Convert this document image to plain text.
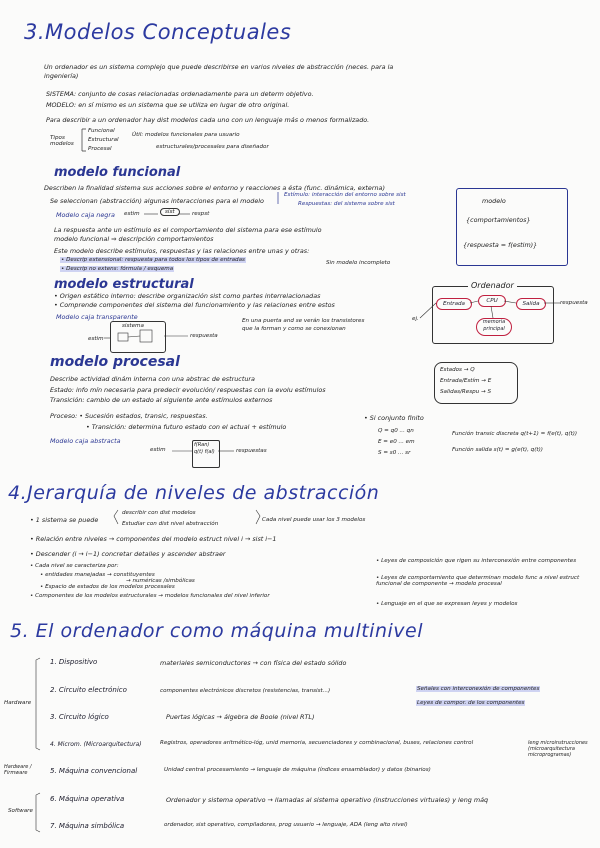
3.Modelos Conceptuales
Un ordenador es un sistema complejo que puede describirse en varios niveles de abstracción (neces. para la
ingeniería)
SISTEMA: conjunto de cosas relacionadas ordenadamente para un determ objetivo.
MODELO: en sí mismo es un sistema que se utiliza en lugar de otro original.
Para describir a un ordenador hay dist modelos cada uno con un lenguaje más o menos formalizado.
Tipos modelos
Funcional
Estructural
Procesal
Útil: modelos funcionales para usuario
estructurales/procesales para diseñador
modelo funcional
Describen la finalidad sistema sus acciones sobre el entorno y reacciones a ésta (func. dinámica, externa)
Se seleccionan (abstracción) algunas interacciones para el modelo
Estímulo: interacción del entorno sobre sist
Respuestas: del sistema sobre sist
Modelo caja negra estim	sist	respst
La respuesta ante un estímulo es el comportamiento del sistema para ese estímulo
modelo funcional ⇒ descripción comportamientos
Este modelo describe estímulos, respuestas y las relaciones entre unas y otras:
• Descrip extensional: respuesta para todos los tipos de entradas	Sin modelo incompleto
• Descrip no extens: fórmula / esquema
modelo
{comportamientos}
{respuesta = f(estim)}
modelo estructural
• Origen estático interno: describe organización sist como partes interrelacionadas
• Comprende componentes del sistema del funcionamiento y las relaciones entre estos
Modelo caja transparente
sistema
estim	respuesta
En una puerta and se verán los transistores
que la forman y como se conexionan
Ordenador
Entrada	CPU	Salida
memoria principal
ej.
respuesta
modelo procesal
Describe actividad dinám interna con una abstrac de estructura
Estado: info mín necesaria para predecir evolución/ respuestas con la evolu estímulos
Transición: cambio de un estado al siguiente ante estímulos externos
Proceso: • Sucesión estados, transic, respuestas.
• Transición: determina futuro estado con el actual + estímulo
Modelo caja abstracta
estim
f(Ran) q(t) f(al)	respuestas
Estados → Q
Entrada/Estím → E
Salidas/Respu → S
• Si conjunto finito
Q = q0 ... qn
E = e0 ... em
S = s0 ... sr
Función transic discreta q(t+1) = f(e(t), q(t))
Función salida s(t) = g(e(t), q(t))
4.Jerarquía de niveles de abstracción
• 1 sistema se puede
describir con dist modelos
Estudiar con dist nivel abstracción
Cada nivel puede usar los 3 modelos
• Relación entre niveles → componentes del modelo estruct nivel i → sist i−1
• Descender (i → i−1) concretar detalles y ascender abstraer
• Cada nivel se caracteriza por:
• entidades manejadas → constituyentes
→ numéricas /simbólicas
• Espacio de estados de los modelos procesales
• Componentes de los modelos estructurales → modelos funcionales del nivel inferior
• Leyes de composición que rigen su interconexión entre componentes
• Leyes de comportamiento que determinan modelo func a nivel estruct funcional de componente → modelo procesal
• Lenguaje en el que se expresan leyes y modelos
5. El ordenador como máquina multinivel
1. Dispositivo	materiales semiconductores → con física del estado sólido
2. Circuito electrónico	componentes electrónicos discretos (resistencias, transist...)	Señales con interconexión de componentes
Leyes de compor. de los componentes
3. Circuito lógico	Puertas lógicas → álgebra de Boole (nivel RTL)
4. Microm. (Microarquitectura)	Registros, operadores aritmético-lóg, unid memoria, secuenciadores y combinacional, buses, relaciones control	leng microinstrucciones (microarquitectura microprogramas)
5. Máquina convencional	Unidad central procesamiento → lenguaje de máquina (índices ensamblador) y datos (binarios)
6. Máquina operativa	Ordenador y sistema operativo → llamadas al sistema operativo (instrucciones virtuales) y leng máq
7. Máquina simbólica	ordenador, sist operativo, compiladores, prog usuario → lenguaje, ADA (leng alto nivel)
Hardware
Hardware / Firmware
Software
